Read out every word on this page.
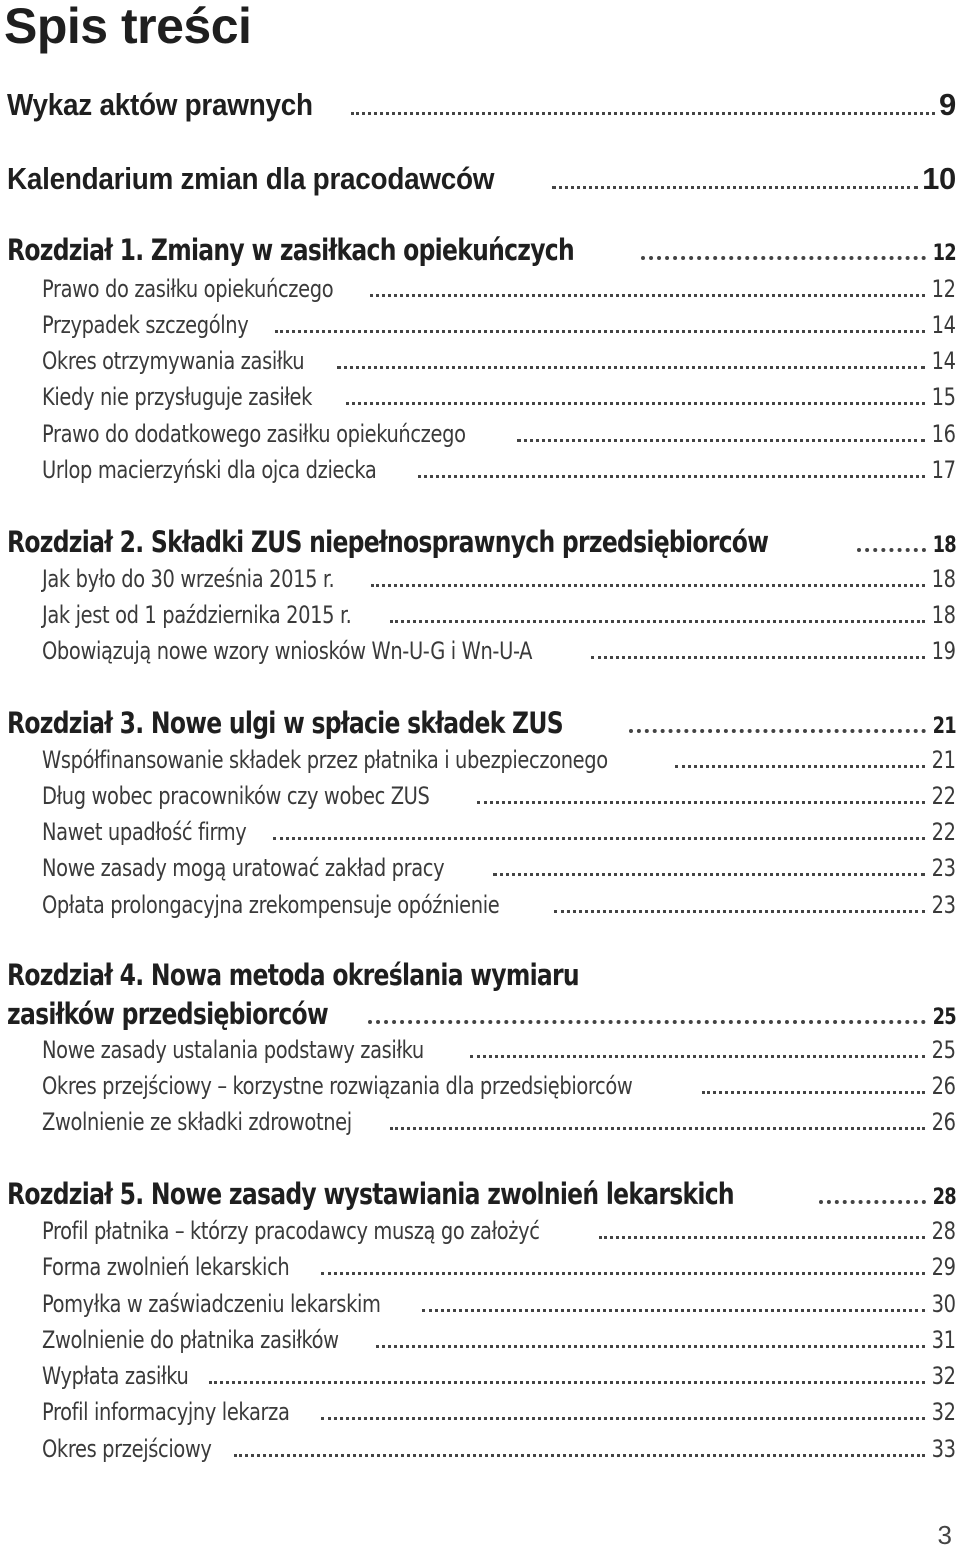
Spis treści
Wykaz aktów prawnych	9
Kalendarium zmian dla pracodawców	10
Rozdział 1. Zmiany w zasiłkach opiekuńczych	12
Prawo do zasiłku opiekuńczego	12
Przypadek szczególny	14
Okres otrzymywania zasiłku	14
Kiedy nie przysługuje zasiłek	15
Prawo do dodatkowego zasiłku opiekuńczego	16
Urlop macierzyński dla ojca dziecka	17
Rozdział 2. Składki ZUS niepełnosprawnych przedsiębiorców	18
Jak było do 30 września 2015 r.	18
Jak jest od 1 października 2015 r.	18
Obowiązują nowe wzory wniosków Wn-U-G i Wn-U-A	19
Rozdział 3. Nowe ulgi w spłacie składek ZUS	21
Współfinansowanie składek przez płatnika i ubezpieczonego	21
Dług wobec pracowników czy wobec ZUS	22
Nawet upadłość firmy	22
Nowe zasady mogą uratować zakład pracy	23
Opłata prolongacyjna zrekompensuje opóźnienie	23
Rozdział 4. Nowa metoda określania wymiaru
zasiłków przedsiębiorców	25
Nowe zasady ustalania podstawy zasiłku	25
Okres przejściowy – korzystne rozwiązania dla przedsiębiorców	26
Zwolnienie ze składki zdrowotnej	26
Rozdział 5. Nowe zasady wystawiania zwolnień lekarskich	28
Profil płatnika – którzy pracodawcy muszą go założyć	28
Forma zwolnień lekarskich	29
Pomyłka w zaświadczeniu lekarskim	30
Zwolnienie do płatnika zasiłków	31
Wypłata zasiłku	32
Profil informacyjny lekarza	32
Okres przejściowy	33
3
